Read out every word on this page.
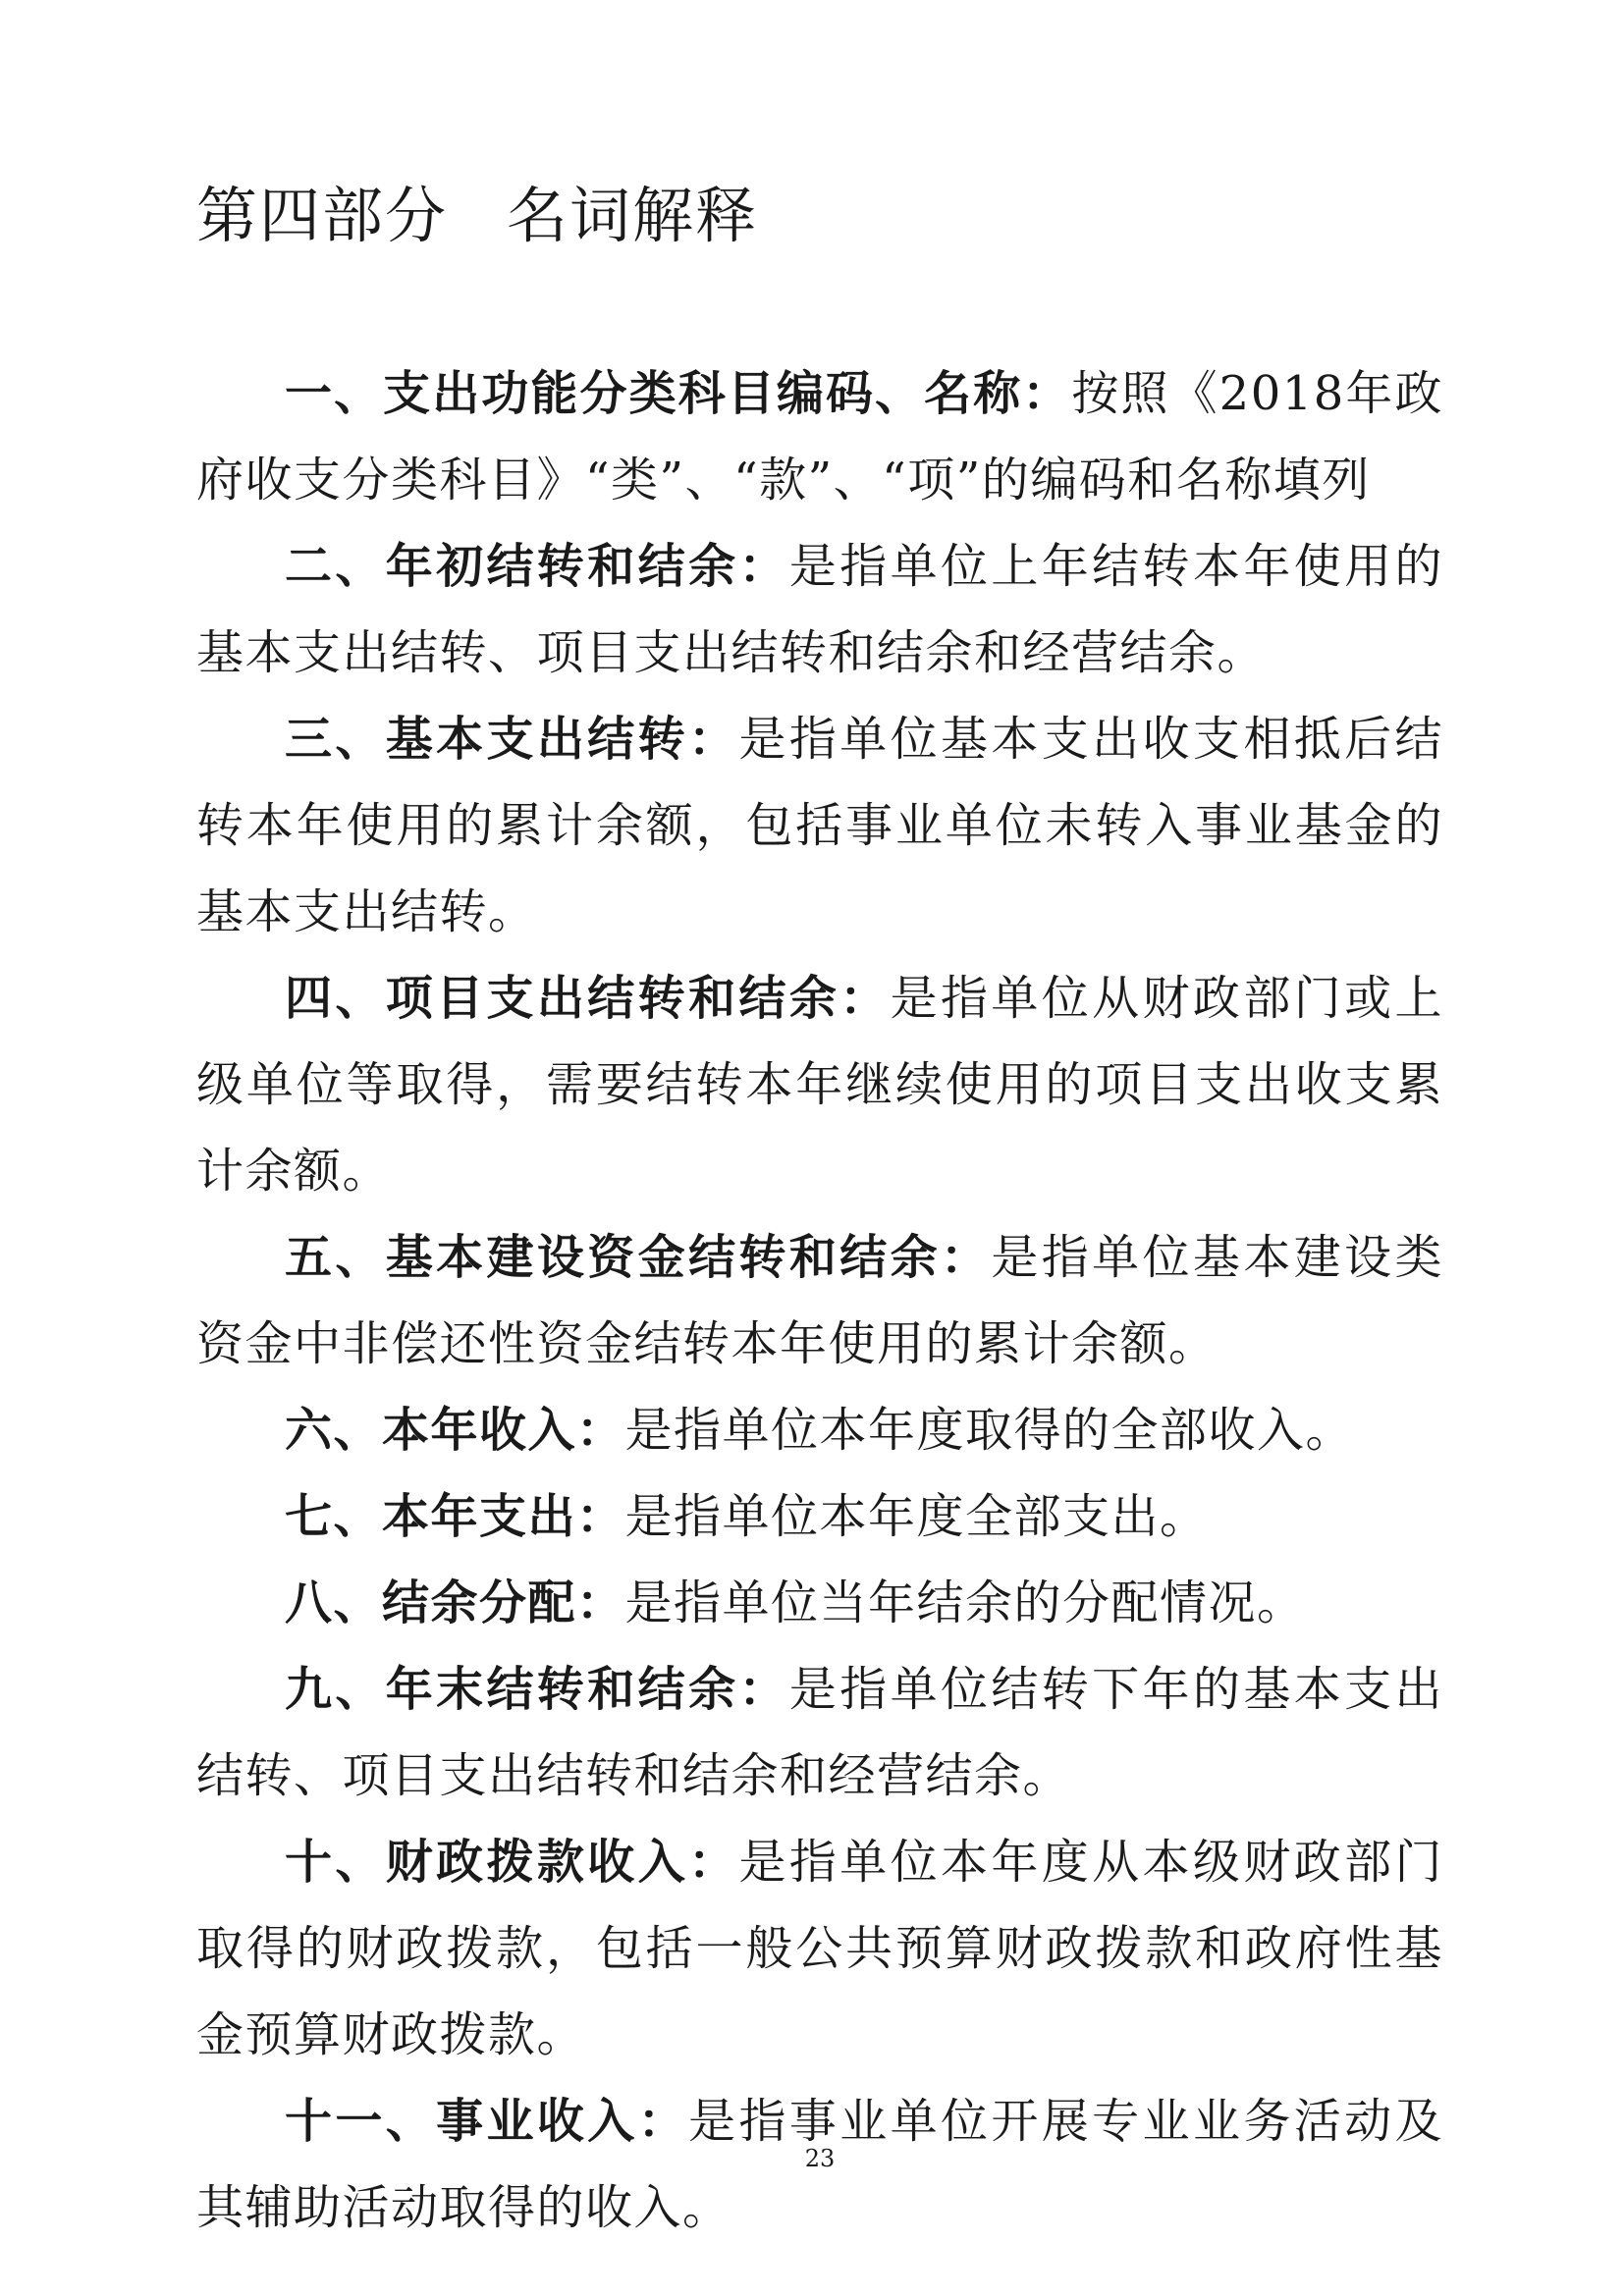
第四部分 名词解释

一、支出功能分类科目编码、名称：按照《2018年政府收支分类科目》“类”、“款”、“项”的编码和名称填列

二、年初结转和结余：是指单位上年结转本年使用的基本支出结转、项目支出结转和结余和经营结余。

三、基本支出结转：是指单位基本支出收支相抵后结转本年使用的累计余额，包括事业单位未转入事业基金的基本支出结转。

四、项目支出结转和结余：是指单位从财政部门或上级单位等取得，需要结转本年继续使用的项目支出收支累计余额。

五、基本建设资金结转和结余：是指单位基本建设类资金中非偿还性资金结转本年使用的累计余额。

六、本年收入：是指单位本年度取得的全部收入。

七、本年支出：是指单位本年度全部支出。

八、结余分配：是指单位当年结余的分配情况。

九、年末结转和结余：是指单位结转下年的基本支出结转、项目支出结转和结余和经营结余。

十、财政拨款收入：是指单位本年度从本级财政部门取得的财政拨款，包括一般公共预算财政拨款和政府性基金预算财政拨款。

十一、事业收入：是指事业单位开展专业业务活动及其辅助活动取得的收入。

23
